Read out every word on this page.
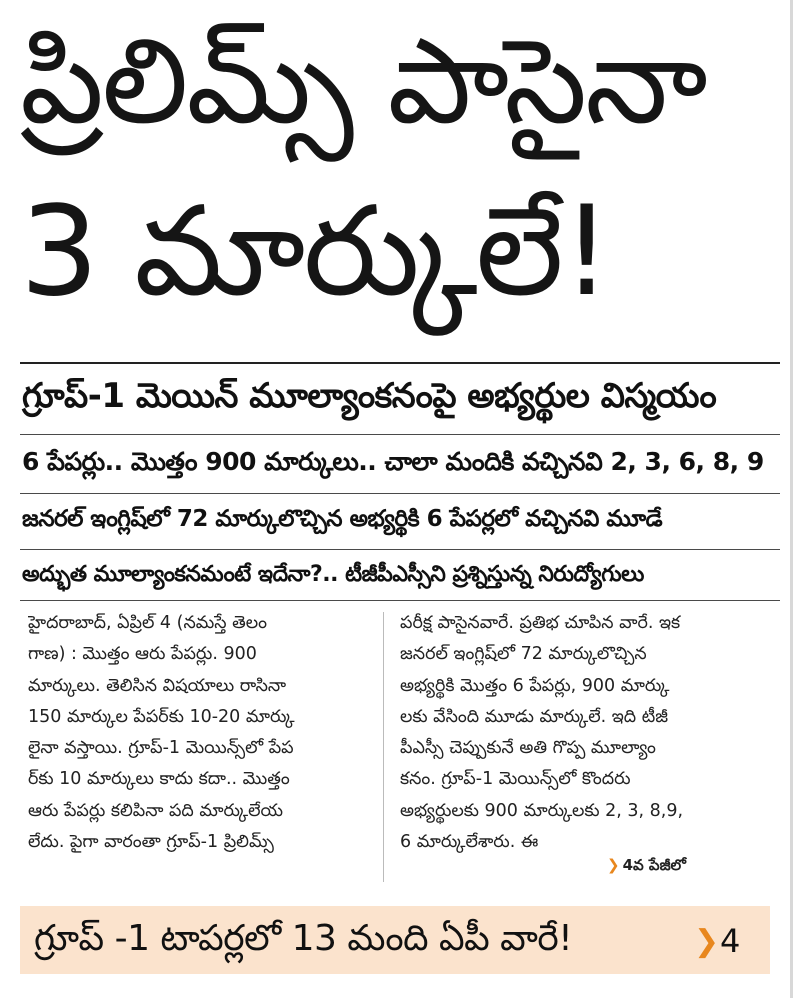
ప్రిలిమ్స్ పాసైనా
3 మార్కులే!
గ్రూప్-1 మెయిన్ మూల్యాంకనంపై అభ్యర్థుల విస్మయం
6 పేపర్లు.. మొత్తం 900 మార్కులు.. చాలా మందికి వచ్చినవి 2, 3, 6, 8, 9
జనరల్ ఇంగ్లిష్‌లో 72 మార్కులొచ్చిన అభ్యర్థికి 6 పేపర్లలో వచ్చినవి మూడే
అద్భుత మూల్యాంకనమంటే ఇదేనా?.. టీజీపీఎస్సీని ప్రశ్నిస్తున్న నిరుద్యోగులు
హైదరాబాద్, ఏప్రిల్ 4 (నమస్తే తెలం
గాణ) : మొత్తం ఆరు పేపర్లు. 900
మార్కులు. తెలిసిన విషయాలు రాసినా
150 మార్కుల పేపర్‌కు 10-20 మార్కు
లైనా వస్తాయి. గ్రూప్-1 మెయిన్స్‌లో పేప
ర్‌కు 10 మార్కులు కాదు కదా.. మొత్తం
ఆరు పేపర్లు కలిపినా పది మార్కులేయ
లేదు. పైగా వారంతా గ్రూప్-1 ప్రిలిమ్స్
పరీక్ష పాసైనవారే. ప్రతిభ చూపిన వారే. ఇక
జనరల్ ఇంగ్లిష్‌లో 72 మార్కులొచ్చిన
అభ్యర్థికి మొత్తం 6 పేపర్లు, 900 మార్కు
లకు వేసింది మూడు మార్కులే. ఇది టీజీ
పీఎస్సీ చెప్పుకునే అతి గొప్ప మూల్యాం
కనం. గ్రూప్-1 మెయిన్స్‌లో కొందరు
అభ్యర్థులకు 900 మార్కులకు 2, 3, 8,9,
6 మార్కులేశారు. ఈ
❯ 4వ పేజీలో
గ్రూప్ -1 టాపర్లలో 13 మంది ఏపీ వారే!	❯ 4
